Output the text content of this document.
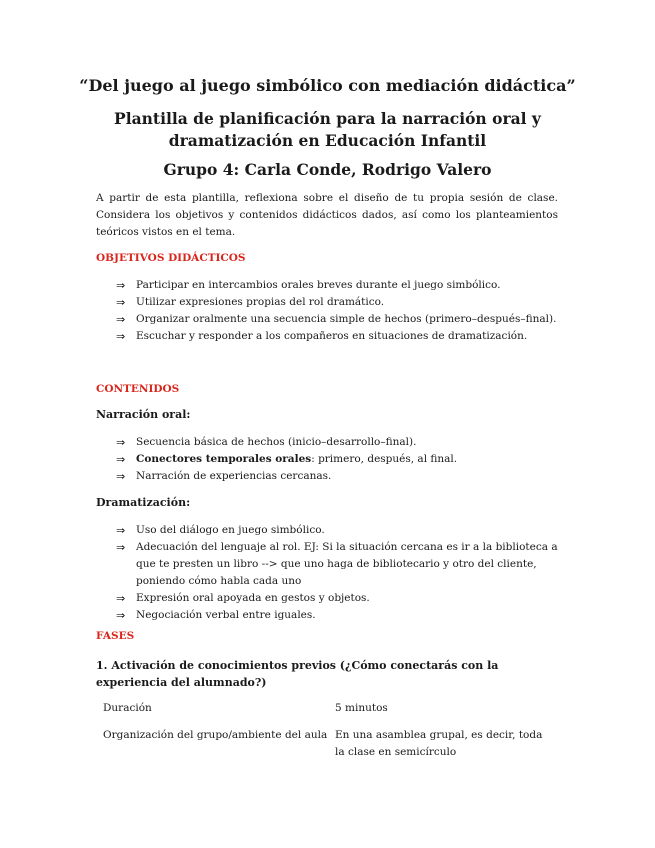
“Del juego al juego simbólico con mediación didáctica”
Plantilla de planificación para la narración oral y dramatización en Educación Infantil
Grupo 4: Carla Conde, Rodrigo Valero
A partir de esta plantilla, reflexiona sobre el diseño de tu propia sesión de clase. Considera los objetivos y contenidos didácticos dados, así como los planteamientos teóricos vistos en el tema.
OBJETIVOS DIDÁCTICOS
⇒ Participar en intercambios orales breves durante el juego simbólico.
⇒ Utilizar expresiones propias del rol dramático.
⇒ Organizar oralmente una secuencia simple de hechos (primero–después–final).
⇒ Escuchar y responder a los compañeros en situaciones de dramatización.
CONTENIDOS
Narración oral:
⇒ Secuencia básica de hechos (inicio–desarrollo–final).
⇒ Conectores temporales orales: primero, después, al final.
⇒ Narración de experiencias cercanas.
Dramatización:
⇒ Uso del diálogo en juego simbólico.
⇒ Adecuación del lenguaje al rol. EJ: Si la situación cercana es ir a la biblioteca a que te presten un libro --> que uno haga de bibliotecario y otro del cliente, poniendo cómo habla cada uno
⇒ Expresión oral apoyada en gestos y objetos.
⇒ Negociación verbal entre iguales.
FASES
1. Activación de conocimientos previos (¿Cómo conectarás con la experiencia del alumnado?)
Duración	5 minutos
Organización del grupo/ambiente del aula En una asamblea grupal, es decir, toda la clase en semicírculo
